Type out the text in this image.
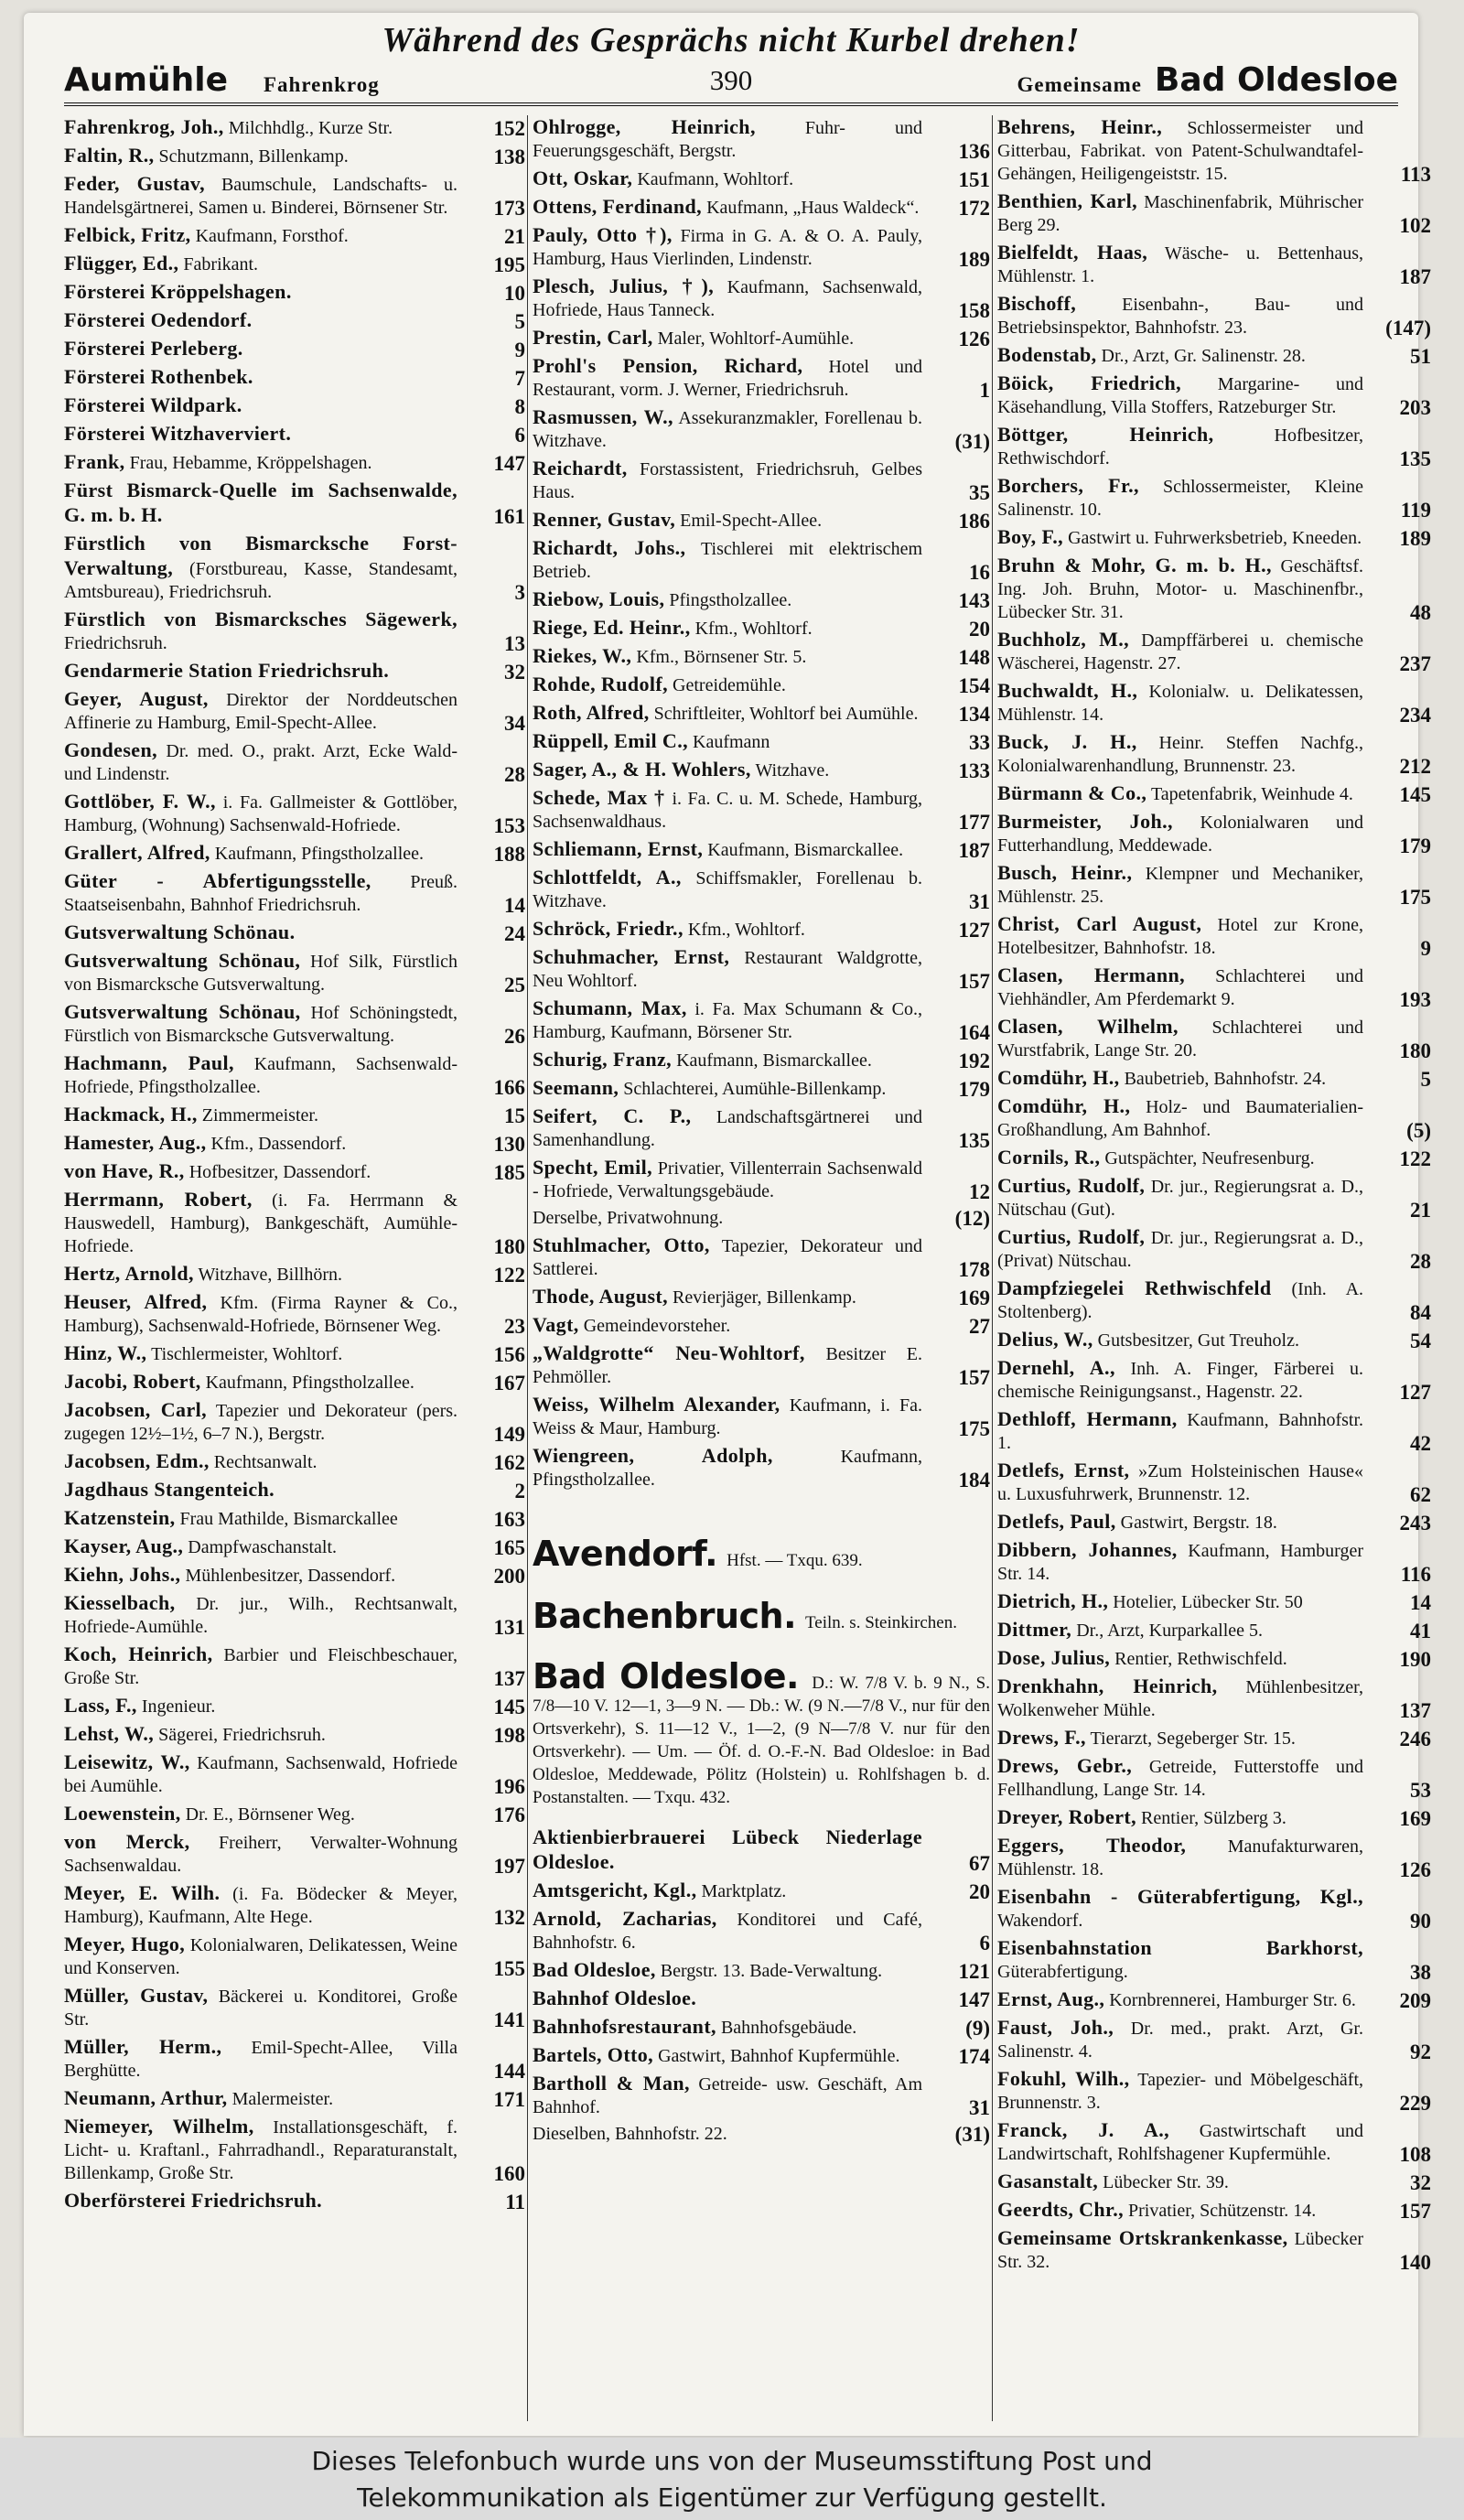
Während des Gesprächs nicht Kurbel drehen!
Aumühle Fahrenkrog	390	Gemeinsame Bad Oldesloe
Fahrenkrog, Joh., Milchhdlg., Kurze Str.	152
Faltin, R., Schutzmann, Billenkamp.	138
Feder, Gustav, Baumschule, Landschafts- u. Handelsgärtnerei, Samen u. Binderei, Börnsener Str. 173
Felbick, Fritz, Kaufmann, Forsthof.	21
Flügger, Ed., Fabrikant.	195
Försterei Kröppelshagen.	10
Försterei Oedendorf.	5
Försterei Perleberg.	9
Försterei Rothenbek.	7
Försterei Wildpark.	8
Försterei Witzhaverviert.	6
Frank, Frau, Hebamme, Kröppelshagen.	147
Fürst Bismarck-Quelle im Sachsenwalde, G. m. b. H.	161
Fürstlich von Bismarcksche Forst-Verwaltung, (Forstbureau, Kasse, Standesamt, Amtsbureau), Friedrichsruh.	3
Fürstlich von Bismarcksches Sägewerk, Friedrichsruh.	13
Gendarmerie Station Friedrichsruh.	32
Geyer, August, Direktor der Norddeutschen Affinerie zu Hamburg, Emil-Specht-Allee.	34
Gondesen, Dr. med. O., prakt. Arzt, Ecke Wald- und Lindenstr.	28
Gottlöber, F. W., i. Fa. Gallmeister & Gottlöber, Hamburg, (Wohnung) Sachsenwald-Hofriede.	153
Grallert, Alfred, Kaufmann, Pfingstholzallee.	188
Güter - Abfertigungsstelle, Preuß. Staatseisenbahn, Bahnhof Friedrichsruh.	14
Gutsverwaltung Schönau.	24
Gutsverwaltung Schönau, Hof Silk, Fürstlich von Bismarcksche Gutsverwaltung.	25
Gutsverwaltung Schönau, Hof Schöningstedt, Fürstlich von Bismarcksche Gutsverwaltung.	26
Hachmann, Paul, Kaufmann, Sachsenwald-Hofriede, Pfingstholzallee.	166
Hackmack, H., Zimmermeister.	15
Hamester, Aug., Kfm., Dassendorf.	130
von Have, R., Hofbesitzer, Dassendorf.	185
Herrmann, Robert, (i. Fa. Herrmann & Hauswedell, Hamburg), Bankgeschäft, Aumühle-Hofriede.	180
Hertz, Arnold, Witzhave, Billhörn.	122
Heuser, Alfred, Kfm. (Firma Rayner & Co., Hamburg), Sachsenwald-Hofriede, Börnsener Weg.	23
Hinz, W., Tischlermeister, Wohltorf.	156
Jacobi, Robert, Kaufmann, Pfingstholzallee.	167
Jacobsen, Carl, Tapezier und Dekorateur (pers. zugegen 12½–1½, 6–7 N.), Bergstr.	149
Jacobsen, Edm., Rechtsanwalt.	162
Jagdhaus Stangenteich.	2
Katzenstein, Frau Mathilde, Bismarckallee	163
Kayser, Aug., Dampfwaschanstalt.	165
Kiehn, Johs., Mühlenbesitzer, Dassendorf.	200
Kiesselbach, Dr. jur., Wilh., Rechtsanwalt, Hofriede-Aumühle.	131
Koch, Heinrich, Barbier und Fleischbeschauer, Große Str.	137
Lass, F., Ingenieur.	145
Lehst, W., Sägerei, Friedrichsruh.	198
Leisewitz, W., Kaufmann, Sachsenwald, Hofriede bei Aumühle.	196
Loewenstein, Dr. E., Börnsener Weg.	176
von Merck, Freiherr, Verwalter-Wohnung Sachsenwaldau.	197
Meyer, E. Wilh. (i. Fa. Bödecker & Meyer, Hamburg), Kaufmann, Alte Hege.	132
Meyer, Hugo, Kolonialwaren, Delikatessen, Weine und Konserven.	155
Müller, Gustav, Bäckerei u. Konditorei, Große Str.	141
Müller, Herm., Emil-Specht-Allee, Villa Berghütte.	144
Neumann, Arthur, Malermeister.	171
Niemeyer, Wilhelm, Installationsgeschäft, f. Licht- u. Kraftanl., Fahrradhandl., Reparaturanstalt, Billenkamp, Große Str.	160
Oberförsterei Friedrichsruh.	11
Ohlrogge, Heinrich,	Fuhr- und Feuerungsgeschäft, Bergstr.	136
Ott, Oskar, Kaufmann, Wohltorf.	151
Ottens, Ferdinand, Kaufmann, „Haus Waldeck“. 172
Pauly, Otto †), Firma in G. A. & O. A. Pauly, Hamburg, Haus Vierlinden, Lindenstr.	189
Plesch, Julius, †), Kaufmann, Sachsenwald, Hofriede, Haus Tanneck.	158
Prestin, Carl, Maler, Wohltorf-Aumühle.	126
Prohl's Pension, Richard, Hotel und Restaurant, vorm. J. Werner, Friedrichsruh.	1
Rasmussen, W., Assekuranzmakler, Forellenau b. Witzhave.	(31)
Reichardt, Forstassistent, Friedrichsruh, Gelbes Haus.	35
Renner, Gustav, Emil-Specht-Allee.	186
Richardt, Johs., Tischlerei mit elektrischem Betrieb.	16
Riebow, Louis, Pfingstholzallee.	143
Riege, Ed. Heinr., Kfm., Wohltorf.	20
Riekes, W., Kfm., Börnsener Str. 5.	148
Rohde, Rudolf, Getreidemühle.	154
Roth, Alfred, Schriftleiter, Wohltorf bei Aumühle. 134
Rüppell, Emil C., Kaufmann	33
Sager, A., & H. Wohlers, Witzhave.	133
Schede, Max † i. Fa. C. u. M. Schede, Hamburg, Sachsenwaldhaus.	177
Schliemann, Ernst, Kaufmann, Bismarckallee.	187
Schlottfeldt, A., Schiffsmakler, Forellenau b. Witzhave.	31
Schröck, Friedr., Kfm., Wohltorf.	127
Schuhmacher, Ernst, Restaurant Waldgrotte, Neu Wohltorf.	157
Schumann, Max, i. Fa. Max Schumann & Co., Hamburg, Kaufmann, Börsener Str.	164
Schurig, Franz, Kaufmann, Bismarckallee.	192
Seemann, Schlachterei, Aumühle-Billenkamp.	179
Seifert, C. P., Landschaftsgärtnerei und Samenhandlung.	135
Specht, Emil, Privatier, Villenterrain Sachsenwald - Hofriede, Verwaltungsgebäude.	12
Derselbe, Privatwohnung.	(12)
Stuhlmacher, Otto, Tapezier, Dekorateur und Sattlerei.	178
Thode, August, Revierjäger, Billenkamp.	169
Vagt, Gemeindevorsteher.	27
„Waldgrotte“ Neu-Wohltorf, Besitzer E. Pehmöller.	157
Weiss, Wilhelm Alexander, Kaufmann, i. Fa. Weiss & Maur, Hamburg.	175
Wiengreen, Adolph,	Kaufmann, Pfingstholzallee.	184
Avendorf. Hfst. — Txqu. 639.
Bachenbruch. Teiln. s. Steinkirchen.
Bad Oldesloe. D.: W. 7/8 V. b. 9 N., S. 7/8—10 V. 12—1, 3—9 N. — Db.: W. (9 N.—7/8 V., nur für den Ortsverkehr), S. 11—12 V., 1—2, (9 N—7/8 V. nur für den Ortsverkehr). — Um. — Öf. d. O.-F.-N. Bad Oldesloe: in Bad Oldesloe, Meddewade, Pölitz (Holstein) u. Rohlfshagen b. d. Postanstalten. — Txqu. 432.
Aktienbierbrauerei Lübeck Niederlage Oldesloe.	67
Amtsgericht, Kgl., Marktplatz.	20
Arnold, Zacharias, Konditorei und Café, Bahnhofstr. 6.	6
Bad Oldesloe, Bergstr. 13. Bade-Verwaltung.	121
Bahnhof Oldesloe.	147
Bahnhofsrestaurant, Bahnhofsgebäude.	(9)
Bartels, Otto, Gastwirt, Bahnhof Kupfermühle.	174
Bartholl & Man, Getreide- usw. Geschäft, Am Bahnhof.	31
Dieselben, Bahnhofstr. 22.	(31)
Behrens, Heinr., Schlossermeister und Gitterbau, Fabrikat. von Patent-Schulwandtafel-Gehängen, Heiligengeiststr. 15.	113
Benthien, Karl, Maschinenfabrik, Mührischer Berg 29.	102
Bielfeldt, Haas, Wäsche- u. Bettenhaus, Mühlenstr. 1.	187
Bischoff,	Eisenbahn-, Bau- und Betriebsinspektor, Bahnhofstr. 23.	(147)
Bodenstab, Dr., Arzt, Gr. Salinenstr. 28.	51
Böick, Friedrich, Margarine- und Käsehandlung, Villa Stoffers, Ratzeburger Str.	203
Böttger, Heinrich,	Hofbesitzer, Rethwischdorf.	135
Borchers, Fr., Schlossermeister, Kleine Salinenstr. 10.	119
Boy, F., Gastwirt u. Fuhrwerksbetrieb, Kneeden. 189
Bruhn & Mohr, G. m. b. H., Geschäftsf. Ing. Joh. Bruhn, Motor- u. Maschinenfbr., Lübecker Str. 31.	48
Buchholz, M., Dampffärberei u. chemische Wäscherei, Hagenstr. 27.	237
Buchwaldt, H., Kolonialw. u. Delikatessen, Mühlenstr. 14.	234
Buck, J. H., Heinr. Steffen Nachfg., Kolonialwarenhandlung, Brunnenstr. 23.	212
Bürmann & Co., Tapetenfabrik, Weinhude 4. 145
Burmeister, Joh., Kolonialwaren und Futterhandlung, Meddewade.	179
Busch, Heinr., Klempner und Mechaniker, Mühlenstr. 25.	175
Christ, Carl August, Hotel zur Krone, Hotelbesitzer, Bahnhofstr. 18.	9
Clasen, Hermann, Schlachterei und Viehhändler, Am Pferdemarkt 9.	193
Clasen, Wilhelm, Schlachterei und Wurstfabrik, Lange Str. 20.	180
Comdühr, H., Baubetrieb, Bahnhofstr. 24.	5
Comdühr, H., Holz- und Baumaterialien-Großhandlung, Am Bahnhof.	(5)
Cornils, R., Gutspächter, Neufresenburg.	122
Curtius, Rudolf, Dr. jur., Regierungsrat a. D., Nütschau (Gut).	21
Curtius, Rudolf, Dr. jur., Regierungsrat a. D., (Privat) Nütschau.	28
Dampfziegelei Rethwischfeld (Inh. A. Stoltenberg).	84
Delius, W., Gutsbesitzer, Gut Treuholz.	54
Dernehl, A., Inh. A. Finger, Färberei u. chemische Reinigungsanst., Hagenstr. 22.	127
Dethloff, Hermann, Kaufmann, Bahnhofstr. 1.	42
Detlefs, Ernst, »Zum Holsteinischen Hause« u. Luxusfuhrwerk, Brunnenstr. 12.	62
Detlefs, Paul, Gastwirt, Bergstr. 18.	243
Dibbern, Johannes, Kaufmann, Hamburger Str. 14.	116
Dietrich, H., Hotelier, Lübecker Str. 50	14
Dittmer, Dr., Arzt, Kurparkallee 5.	41
Dose, Julius, Rentier, Rethwischfeld.	190
Drenkhahn, Heinrich, Mühlenbesitzer, Wolkenweher Mühle.	137
Drews, F., Tierarzt, Segeberger Str. 15.	246
Drews, Gebr., Getreide, Futterstoffe und Fellhandlung, Lange Str. 14.	53
Dreyer, Robert, Rentier, Sülzberg 3.	169
Eggers, Theodor, Manufakturwaren, Mühlenstr. 18.	126
Eisenbahn - Güterabfertigung, Kgl., Wakendorf.	90
Eisenbahnstation Barkhorst, Güterabfertigung.	38
Ernst, Aug., Kornbrennerei, Hamburger Str. 6. 209
Faust, Joh., Dr. med., prakt. Arzt, Gr. Salinenstr. 4.	92
Fokuhl, Wilh., Tapezier- und Möbelgeschäft, Brunnenstr. 3.	229
Franck, J. A., Gastwirtschaft und Landwirtschaft, Rohlfshagener Kupfermühle.	108
Gasanstalt, Lübecker Str. 39.	32
Geerdts, Chr., Privatier, Schützenstr. 14.	157
Gemeinsame Ortskrankenkasse, Lübecker Str. 32.	140
Dieses Telefonbuch wurde uns von der Museumsstiftung Post und
Telekommunikation als Eigentümer zur Verfügung gestellt.
